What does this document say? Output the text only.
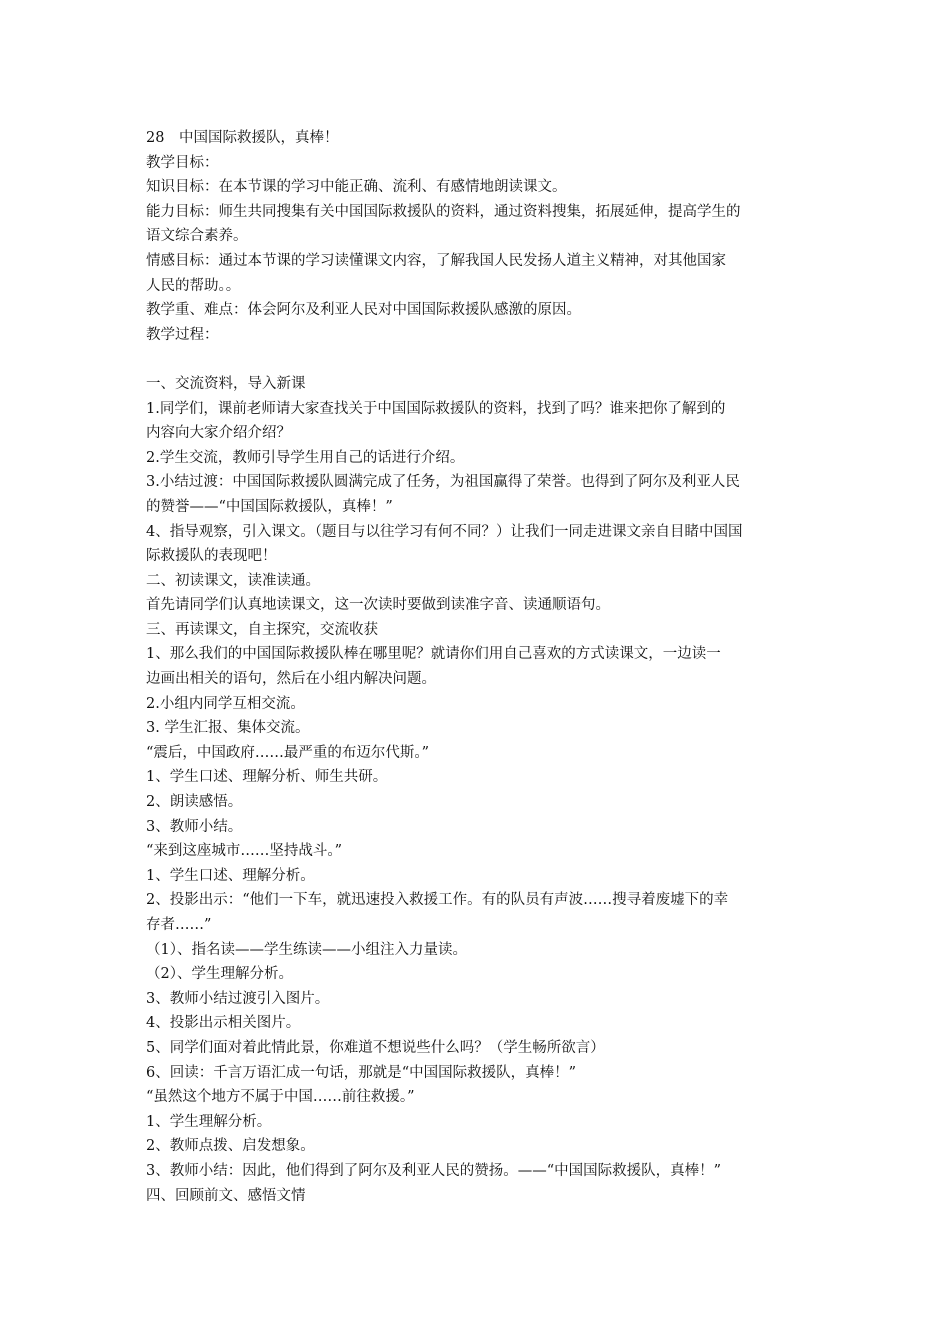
28　中国国际救援队，真棒！
教学目标：
知识目标：在本节课的学习中能正确、流利、有感情地朗读课文。
能力目标：师生共同搜集有关中国国际救援队的资料，通过资料搜集，拓展延伸，提高学生的
语文综合素养。
情感目标：通过本节课的学习读懂课文内容，了解我国人民发扬人道主义精神，对其他国家
人民的帮助。。
教学重、难点：体会阿尔及利亚人民对中国国际救援队感激的原因。
教学过程：
一、交流资料，导入新课
1.同学们，课前老师请大家查找关于中国国际救援队的资料，找到了吗？谁来把你了解到的
内容向大家介绍介绍？
2.学生交流，教师引导学生用自己的话进行介绍。
3.小结过渡：中国国际救援队圆满完成了任务，为祖国赢得了荣誉。也得到了阿尔及利亚人民
的赞誉——“中国国际救援队，真棒！”
4、指导观察，引入课文。（题目与以往学习有何不同？）让我们一同走进课文亲自目睹中国国
际救援队的表现吧！
二、初读课文，读准读通。
首先请同学们认真地读课文，这一次读时要做到读准字音、读通顺语句。
三、再读课文，自主探究，交流收获
1、那么我们的中国国际救援队棒在哪里呢？就请你们用自己喜欢的方式读课文，一边读一
边画出相关的语句，然后在小组内解决问题。
2.小组内同学互相交流。
3. 学生汇报、集体交流。
“震后，中国政府……最严重的布迈尔代斯。”
1、学生口述、理解分析、师生共研。
2、朗读感悟。
3、教师小结。
“来到这座城市……坚持战斗。”
1、学生口述、理解分析。
2、投影出示：“他们一下车，就迅速投入救援工作。有的队员有声波……搜寻着废墟下的幸
存者……”
（1）、指名读——学生练读——小组注入力量读。
（2）、学生理解分析。
3、教师小结过渡引入图片。
4、投影出示相关图片。
5、同学们面对着此情此景，你难道不想说些什么吗？（学生畅所欲言）
6、回读：千言万语汇成一句话，那就是“中国国际救援队，真棒！”
“虽然这个地方不属于中国……前往救援。”
1、学生理解分析。
2、教师点拨、启发想象。
3、教师小结：因此，他们得到了阿尔及利亚人民的赞扬。——“中国国际救援队，真棒！”
四、回顾前文、感悟文情
